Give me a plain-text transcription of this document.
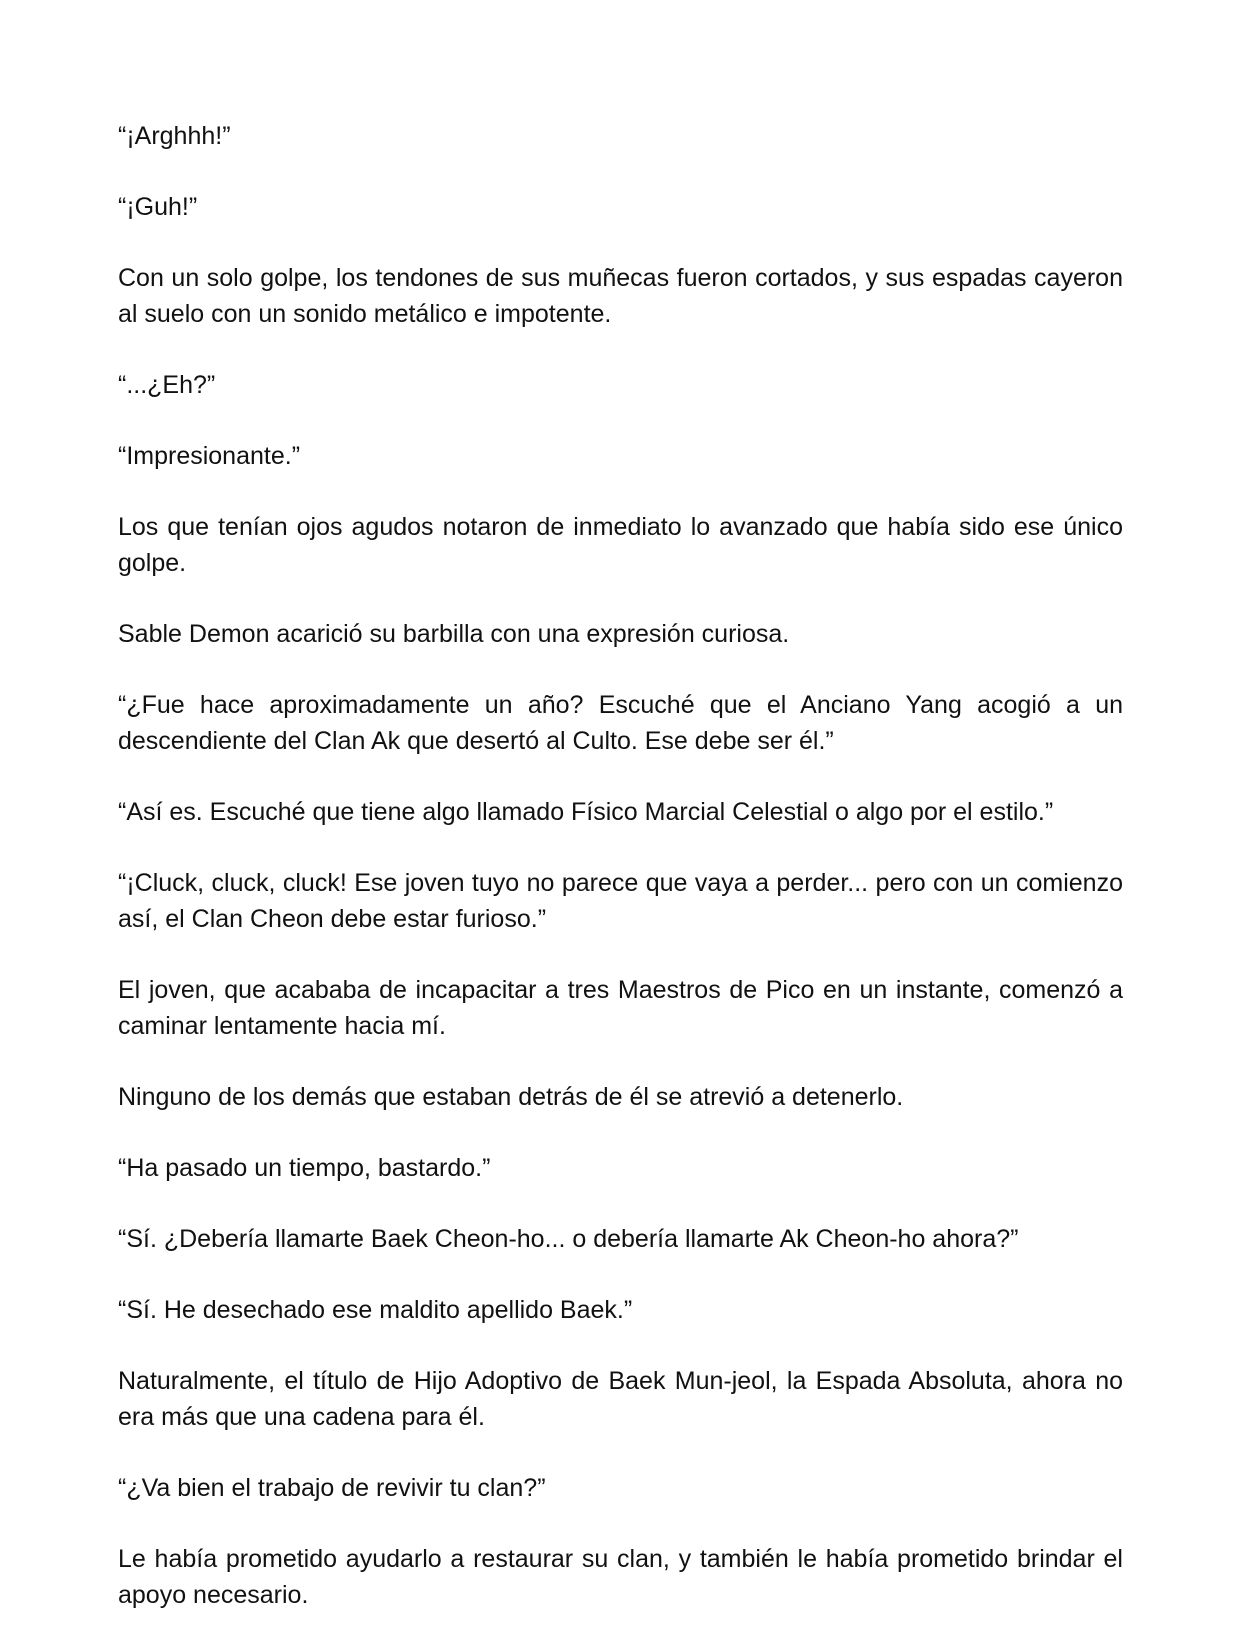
“¡Arghhh!”

“¡Guh!”

Con un solo golpe, los tendones de sus muñecas fueron cortados, y sus espadas cayeron al suelo con un sonido metálico e impotente.

“...¿Eh?”

“Impresionante.”

Los que tenían ojos agudos notaron de inmediato lo avanzado que había sido ese único golpe.

Sable Demon acarició su barbilla con una expresión curiosa.

“¿Fue hace aproximadamente un año? Escuché que el Anciano Yang acogió a un descendiente del Clan Ak que desertó al Culto. Ese debe ser él.”

“Así es. Escuché que tiene algo llamado Físico Marcial Celestial o algo por el estilo.”

“¡Cluck, cluck, cluck! Ese joven tuyo no parece que vaya a perder... pero con un comienzo así, el Clan Cheon debe estar furioso.”

El joven, que acababa de incapacitar a tres Maestros de Pico en un instante, comenzó a caminar lentamente hacia mí.

Ninguno de los demás que estaban detrás de él se atrevió a detenerlo.

“Ha pasado un tiempo, bastardo.”

“Sí. ¿Debería llamarte Baek Cheon-ho... o debería llamarte Ak Cheon-ho ahora?”

“Sí. He desechado ese maldito apellido Baek.”

Naturalmente, el título de Hijo Adoptivo de Baek Mun-jeol, la Espada Absoluta, ahora no era más que una cadena para él.

“¿Va bien el trabajo de revivir tu clan?”

Le había prometido ayudarlo a restaurar su clan, y también le había prometido brindar el apoyo necesario.
